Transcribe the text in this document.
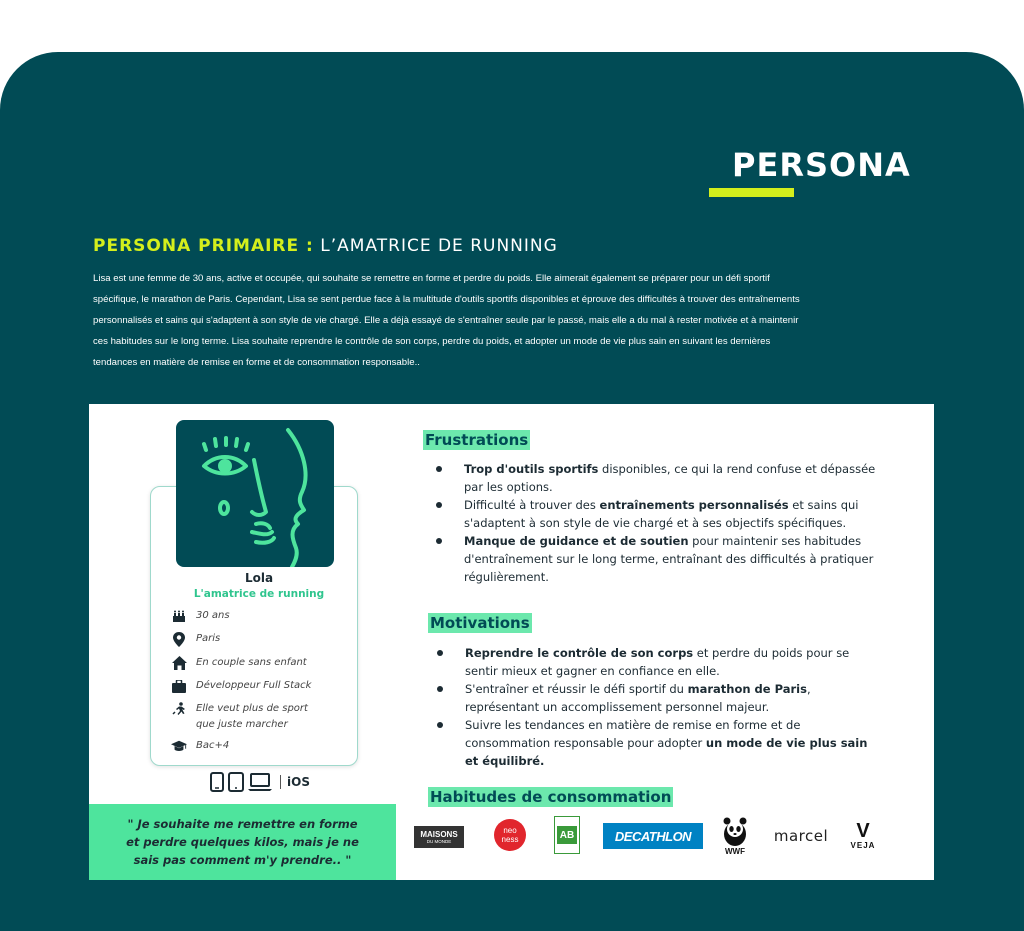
PERSONA
PERSONA PRIMAIRE : L’AMATRICE DE RUNNING
Lisa est une femme de 30 ans, active et occupée, qui souhaite se remettre en forme et perdre du poids. Elle aimerait également se préparer pour un défi sportif spécifique, le marathon de Paris. Cependant, Lisa se sent perdue face à la multitude d'outils sportifs disponibles et éprouve des difficultés à trouver des entraînements personnalisés et sains qui s'adaptent à son style de vie chargé. Elle a déjà essayé de s'entraîner seule par le passé, mais elle a du mal à rester motivée et à maintenir ces habitudes sur le long terme. Lisa souhaite reprendre le contrôle de son corps, perdre du poids, et adopter un mode de vie plus sain en suivant les dernières tendances en matière de remise en forme et de consommation responsable..
Lola
L'amatrice de running
30 ans
Paris
En couple sans enfant
Développeur Full Stack
Elle veut plus de sport que juste marcher
Bac+4
iOS
" Je souhaite me remettre en forme et perdre quelques kilos, mais je ne sais pas comment m'y prendre.. "
Frustrations
Trop d'outils sportifs disponibles, ce qui la rend confuse et dépassée par les options.
Difficulté à trouver des entraînements personnalisés et sains qui s'adaptent à son style de vie chargé et à ses objectifs spécifiques.
Manque de guidance et de soutien pour maintenir ses habitudes d'entraînement sur le long terme, entraînant des difficultés à pratiquer régulièrement.
Motivations
Reprendre le contrôle de son corps et perdre du poids pour se sentir mieux et gagner en confiance en elle.
S'entraîner et réussir le défi sportif du marathon de Paris, représentant un accomplissement personnel majeur.
Suivre les tendances en matière de remise en forme et de consommation responsable pour adopter un mode de vie plus sain et équilibré.
Habitudes de consommation
MAISONS
DU MONDE
neo
ness	AB	DECATHLON
WWF
marcel V
VEJA
